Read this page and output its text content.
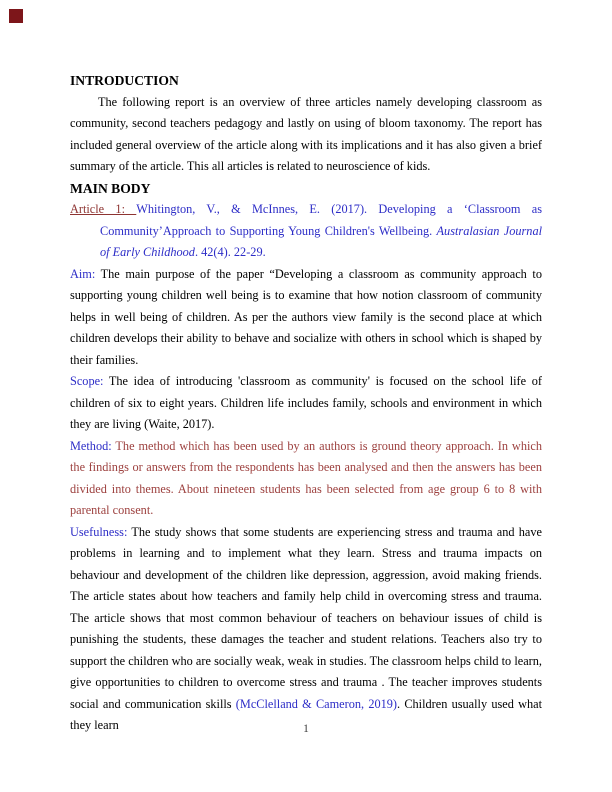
INTRODUCTION

The following report is an overview of three articles namely developing classroom as community, second teachers pedagogy and lastly on using of bloom taxonomy. The report has included general overview of the article along with its implications and it has also given a brief summary of the article. This all articles is related to neuroscience of kids.

MAIN BODY

Article 1: Whitington, V., & McInnes, E. (2017). Developing a ‘Classroom as Community’Approach to Supporting Young Children's Wellbeing. Australasian Journal of Early Childhood. 42(4). 22-29.

Aim: The main purpose of the paper “Developing a classroom as community approach to supporting young children well being is to examine that how notion classroom of community helps in well being of children. As per the authors view family is the second place at which children develops their ability to behave and socialize with others in school which is shaped by their families.

Scope: The idea of introducing 'classroom as community' is focused on the school life of children of six to eight years. Children life includes family, schools and environment in which they are living (Waite, 2017).

Method: The method which has been used by an authors is ground theory approach. In which the findings or answers from the respondents has been analysed and then the answers has been divided into themes. About nineteen students has been selected from age group 6 to 8 with parental consent.

Usefulness: The study shows that some students are experiencing stress and trauma and have problems in learning and to implement what they learn. Stress and trauma impacts on behaviour and development of the children like depression, aggression, avoid making friends. The article states about how teachers and family help child in overcoming stress and trauma. The article shows that most common behaviour of teachers on behaviour issues of child is punishing the students, these damages the teacher and student relations. Teachers also try to support the children who are socially weak, weak in studies. The classroom helps child to learn, give opportunities to children to overcome stress and trauma . The teacher improves students social and communication skills (McClelland & Cameron, 2019). Children usually used what they learn	1
